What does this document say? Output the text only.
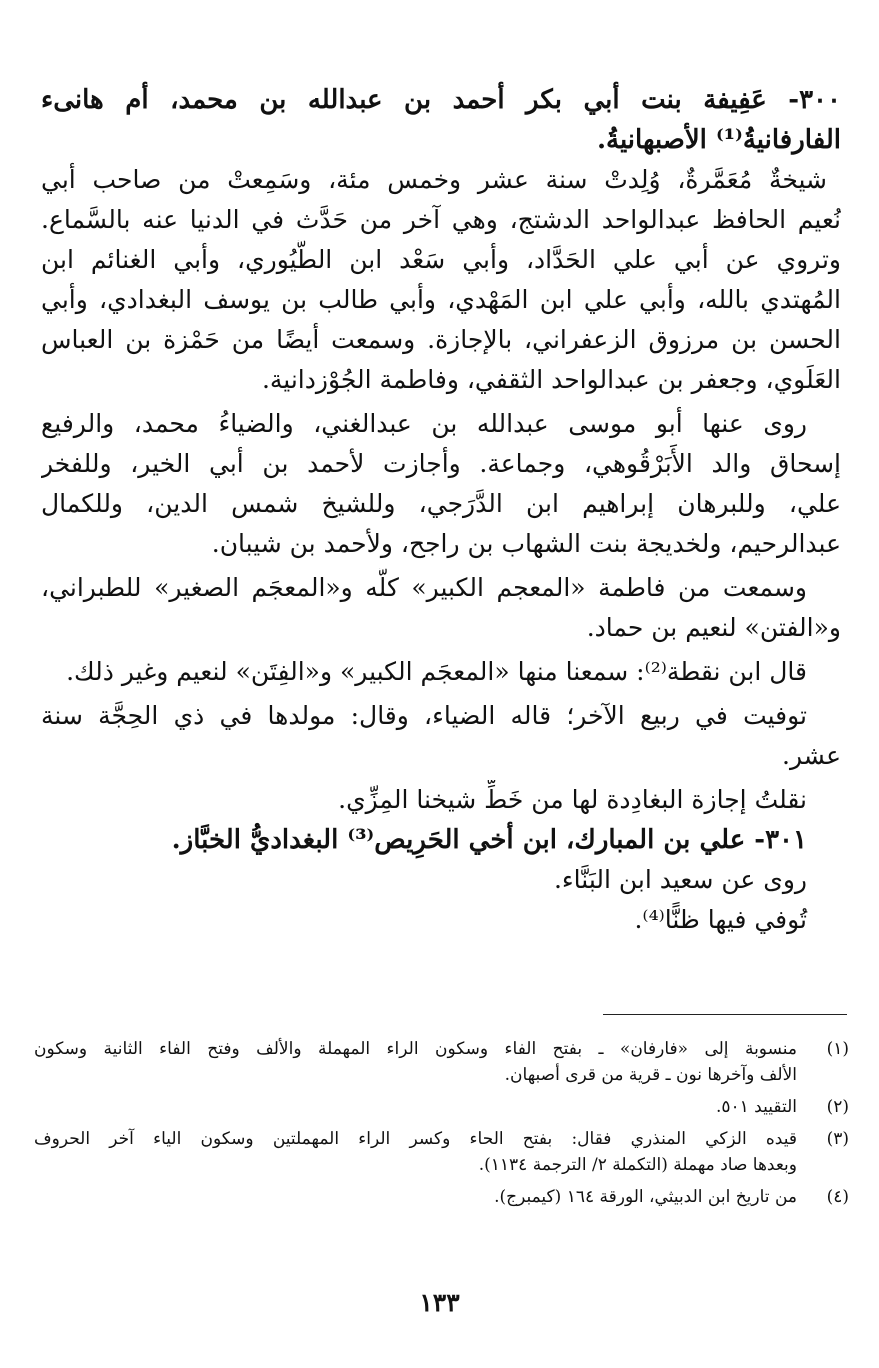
٣٠٠- عَفِيفة بنت أبي بكر أحمد بن عبدالله بن محمد، أم هانىء
الفارفانيةُ⁽¹⁾ الأصبهانيةُ.
شيخةٌ مُعَمَّرةٌ، وُلِدتْ سنة عشر وخمس مئة، وسَمِعتْ من صاحب أبي
نُعيم الحافظ عبدالواحد الدشتج، وهي آخر من حَدَّث في الدنيا عنه بالسَّماع.
وتروي عن أبي علي الحَدَّاد، وأبي سَعْد ابن الطُّيُوري، وأبي الغنائم ابن
المُهتدي بالله، وأبي علي ابن المَهْدي، وأبي طالب بن يوسف البغدادي، وأبي
الحسن بن مرزوق الزعفراني، بالإجازة. وسمعت أيضًا من حَمْزة بن العباس
العَلَوي، وجعفر بن عبدالواحد الثقفي، وفاطمة الجُوْزدانية.
روى عنها أبو موسى عبدالله بن عبدالغني، والضياءُ محمد، والرفيع
إسحاق والد الأَبَرْقُوهي، وجماعة. وأجازت لأحمد بن أبي الخير، وللفخر
علي، وللبرهان إبراهيم ابن الدَّرَجي، وللشيخ شمس الدين، وللكمال
عبدالرحيم، ولخديجة بنت الشهاب بن راجح، ولأحمد بن شيبان.
وسمعت من فاطمة «المعجم الكبير» كلَّه و«المعجَم الصغير» للطبراني،
و«الفتن» لنعيم بن حماد.
قال ابن نقطة⁽²⁾: سمعنا منها «المعجَم الكبير» و«الفِتَن» لنعيم وغير ذلك.
توفيت في ربيع الآخر؛ قاله الضياء، وقال: مولدها في ذي الحِجَّة سنة
عشر.
نقلتُ إجازة البغادِدة لها من خَطِّ شيخنا المِزِّي.
٣٠١- علي بن المبارك، ابن أخي الحَرِيص⁽³⁾ البغداديُّ الخبَّاز.
روى عن سعيد ابن البَنَّاء.
تُوفي فيها ظنًّا⁽⁴⁾.
(١)
منسوبة إلى «فارفان» ـ بفتح الفاء وسكون الراء المهملة والألف وفتح الفاء الثانية وسكون
الألف وآخرها نون ـ قرية من قرى أصبهان.
(٢)
التقييد ٥٠١.
(٣)
قيده الزكي المنذري فقال: بفتح الحاء وكسر الراء المهملتين وسكون الياء آخر الحروف
وبعدها صاد مهملة (التكملة ٢/ الترجمة ١١٣٤).
(٤)
من تاريخ ابن الدبيثي، الورقة ١٦٤ (كيمبرج).
١٣٣
